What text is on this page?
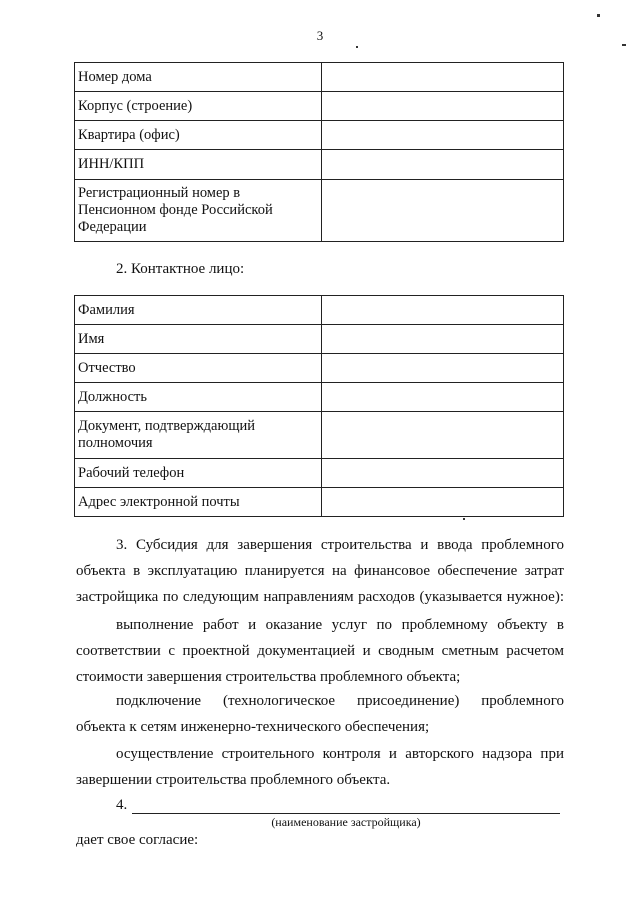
3
Номер дома	
Корпус (строение)	
Квартира (офис)	
ИНН/КПП	
Регистрационный номер в Пенсионном фонде Российской Федерации	
2. Контактное лицо:
Фамилия	
Имя	
Отчество	
Должность	
Документ, подтверждающий полномочия	
Рабочий телефон	
Адрес электронной почты	
3. Субсидия для завершения строительства и ввода проблемного
объекта в эксплуатацию планируется на финансовое обеспечение затрат
застройщика по следующим направлениям расходов (указывается нужное):
выполнение работ и оказание услуг по проблемному объекту в
соответствии с проектной документацией и сводным сметным расчетом
стоимости завершения строительства проблемного объекта;
подключение (технологическое присоединение) проблемного
объекта к сетям инженерно-технического обеспечения;
осуществление строительного контроля и авторского надзора при
завершении строительства проблемного объекта.
4.
(наименование застройщика)
дает свое согласие:
